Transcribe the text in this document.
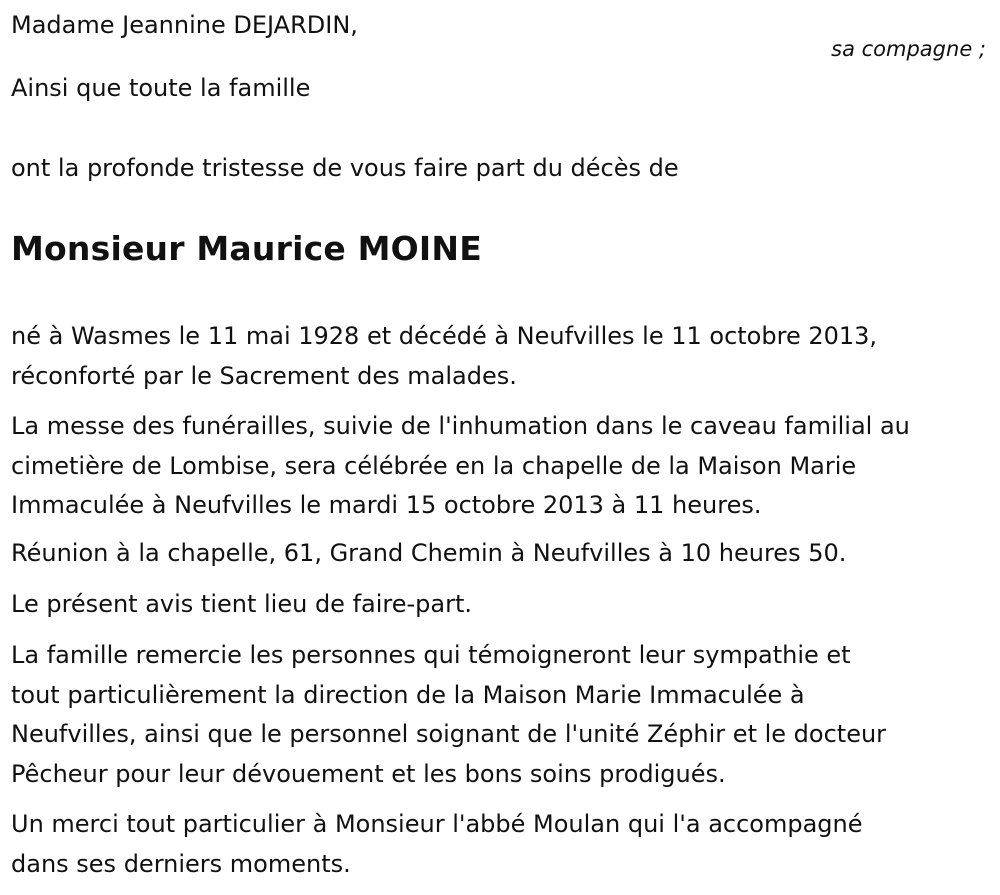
Madame Jeannine DEJARDIN,
sa compagne ;
Ainsi que toute la famille
ont la profonde tristesse de vous faire part du décès de
Monsieur Maurice MOINE
né à Wasmes le 11 mai 1928 et décédé à Neufvilles le 11 octobre 2013,
réconforté par le Sacrement des malades.
La messe des funérailles, suivie de l'inhumation dans le caveau familial au
cimetière de Lombise, sera célébrée en la chapelle de la Maison Marie
Immaculée à Neufvilles le mardi 15 octobre 2013 à 11 heures.
Réunion à la chapelle, 61, Grand Chemin à Neufvilles à 10 heures 50.
Le présent avis tient lieu de faire-part.
La famille remercie les personnes qui témoigneront leur sympathie et
tout particulièrement la direction de la Maison Marie Immaculée à
Neufvilles, ainsi que le personnel soignant de l'unité Zéphir et le docteur
Pêcheur pour leur dévouement et les bons soins prodigués.
Un merci tout particulier à Monsieur l'abbé Moulan qui l'a accompagné
dans ses derniers moments.
